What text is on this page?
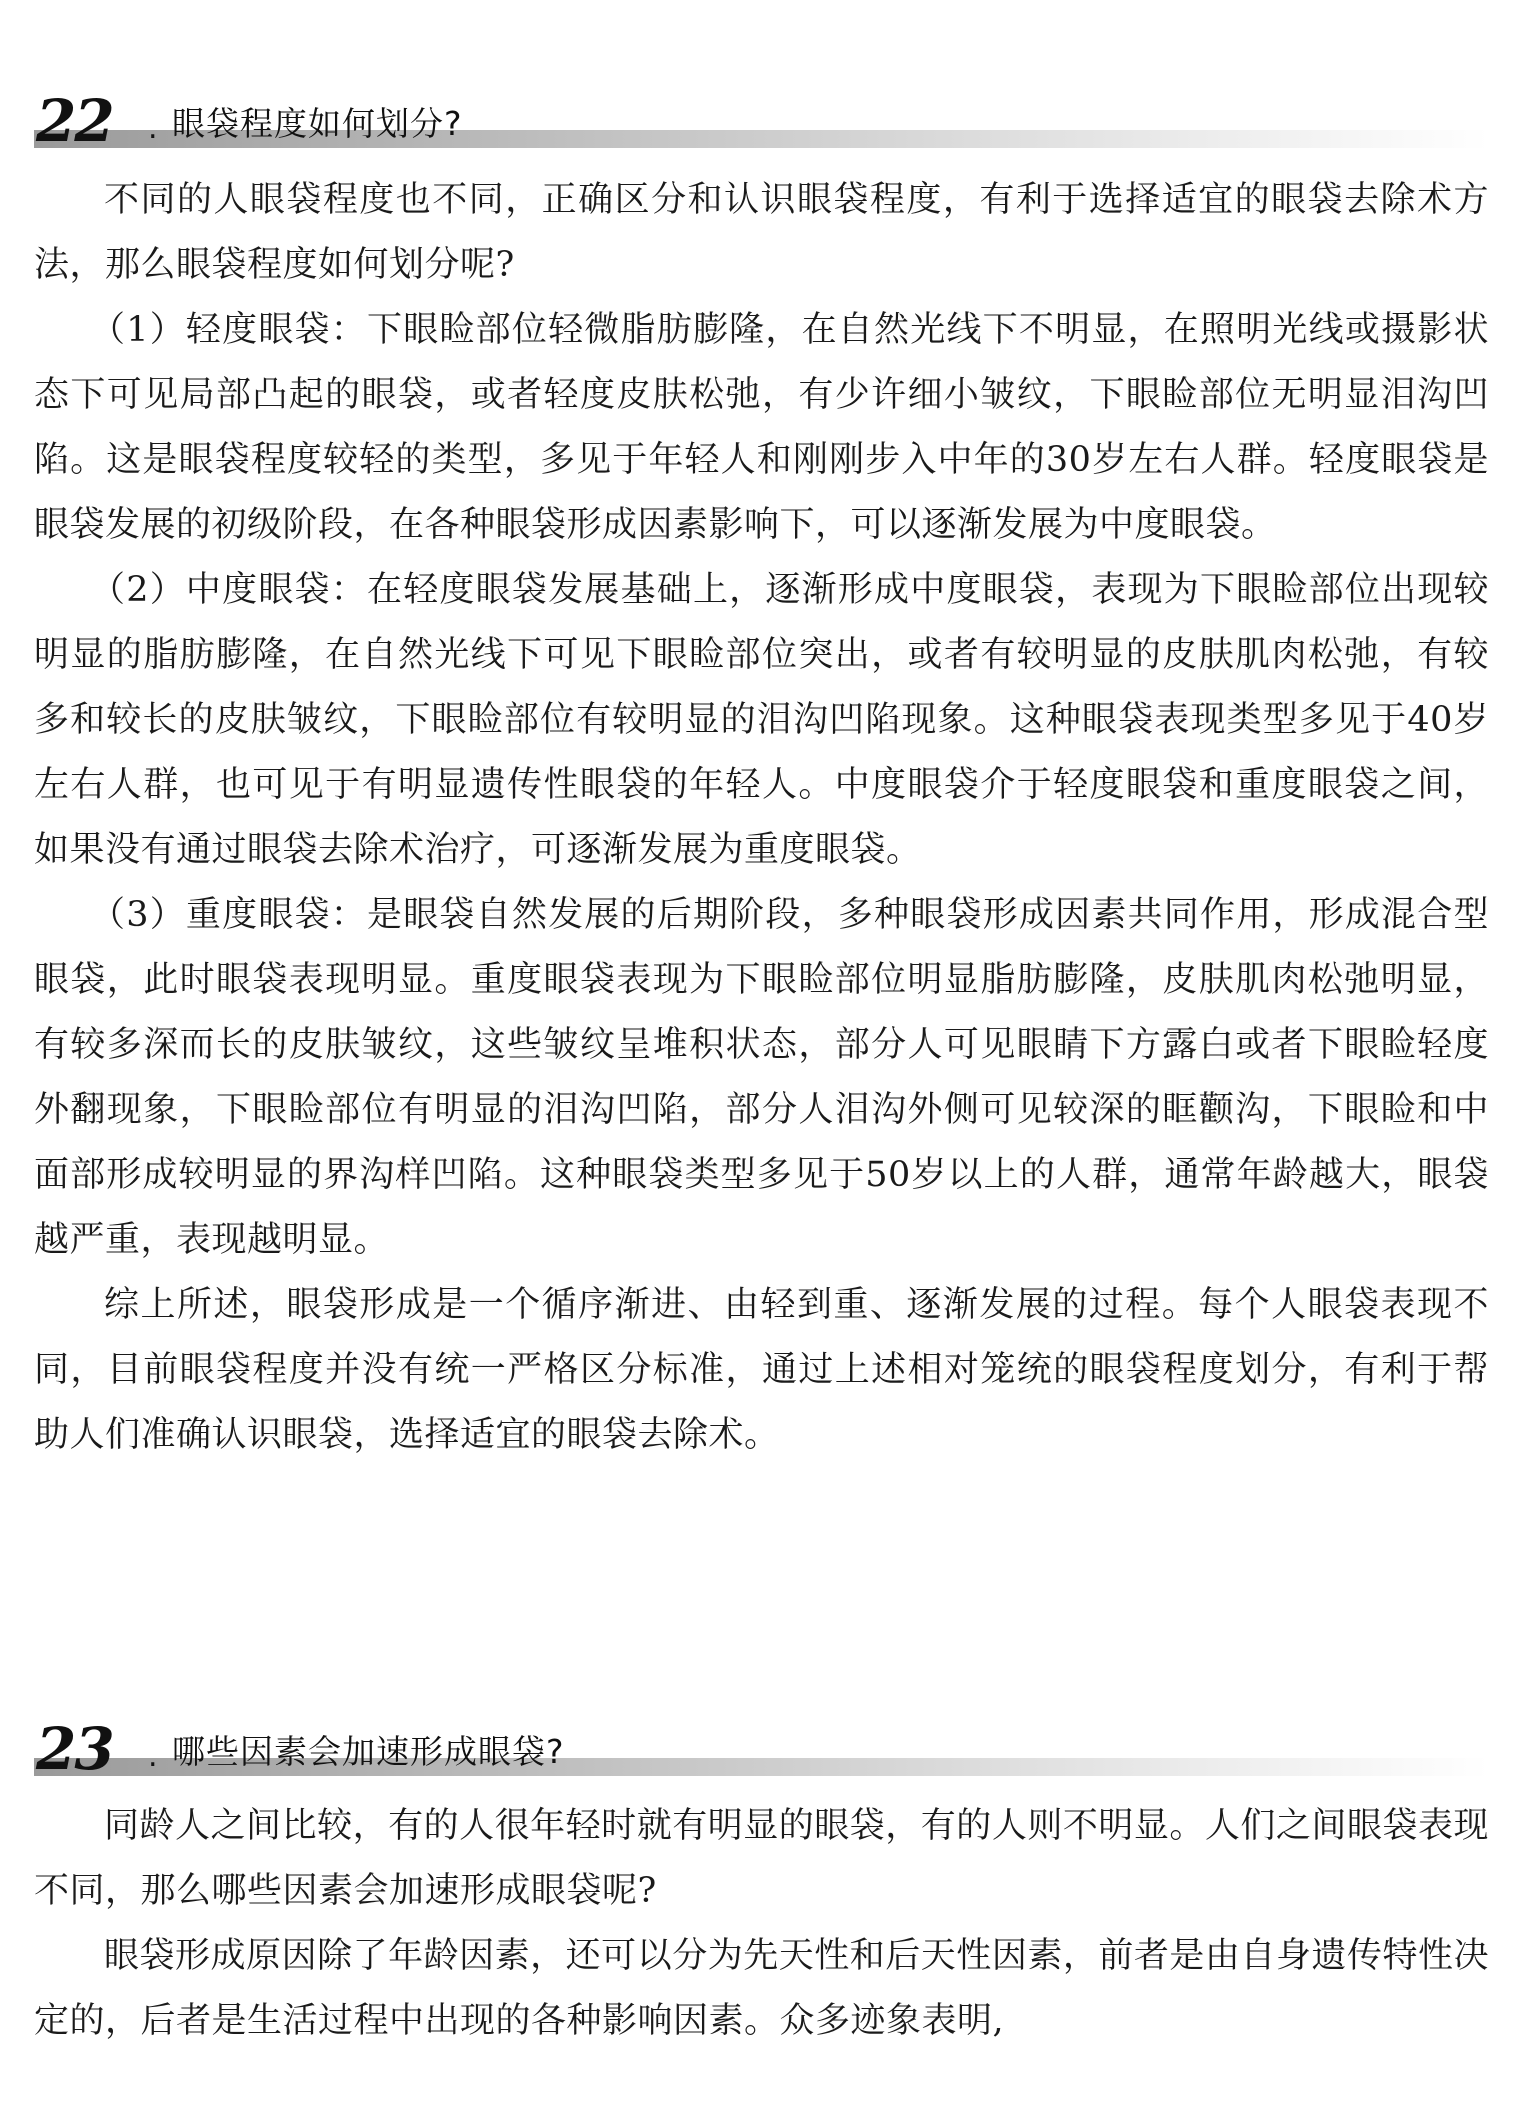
22 . 眼袋程度如何划分?

不同的人眼袋程度也不同，正确区分和认识眼袋程度，有利于选择适宜的眼袋去除术方法，那么眼袋程度如何划分呢?

（1）轻度眼袋：下眼睑部位轻微脂肪膨隆，在自然光线下不明显，在照明光线或摄影状态下可见局部凸起的眼袋，或者轻度皮肤松弛，有少许细小皱纹，下眼睑部位无明显泪沟凹陷。这是眼袋程度较轻的类型，多见于年轻人和刚刚步入中年的30岁左右人群。轻度眼袋是眼袋发展的初级阶段，在各种眼袋形成因素影响下，可以逐渐发展为中度眼袋。

（2）中度眼袋：在轻度眼袋发展基础上，逐渐形成中度眼袋，表现为下眼睑部位出现较明显的脂肪膨隆，在自然光线下可见下眼睑部位突出，或者有较明显的皮肤肌肉松弛，有较多和较长的皮肤皱纹，下眼睑部位有较明显的泪沟凹陷现象。这种眼袋表现类型多见于40岁左右人群，也可见于有明显遗传性眼袋的年轻人。中度眼袋介于轻度眼袋和重度眼袋之间，如果没有通过眼袋去除术治疗，可逐渐发展为重度眼袋。

（3）重度眼袋：是眼袋自然发展的后期阶段，多种眼袋形成因素共同作用，形成混合型眼袋，此时眼袋表现明显。重度眼袋表现为下眼睑部位明显脂肪膨隆，皮肤肌肉松弛明显，有较多深而长的皮肤皱纹，这些皱纹呈堆积状态，部分人可见眼睛下方露白或者下眼睑轻度外翻现象，下眼睑部位有明显的泪沟凹陷，部分人泪沟外侧可见较深的眶颧沟，下眼睑和中面部形成较明显的界沟样凹陷。这种眼袋类型多见于50岁以上的人群，通常年龄越大，眼袋越严重，表现越明显。

综上所述，眼袋形成是一个循序渐进、由轻到重、逐渐发展的过程。每个人眼袋表现不同，目前眼袋程度并没有统一严格区分标准，通过上述相对笼统的眼袋程度划分，有利于帮助人们准确认识眼袋，选择适宜的眼袋去除术。

23 . 哪些因素会加速形成眼袋?

同龄人之间比较，有的人很年轻时就有明显的眼袋，有的人则不明显。人们之间眼袋表现不同，那么哪些因素会加速形成眼袋呢?

眼袋形成原因除了年龄因素，还可以分为先天性和后天性因素，前者是由自身遗传特性决定的，后者是生活过程中出现的各种影响因素。众多迹象表明,
